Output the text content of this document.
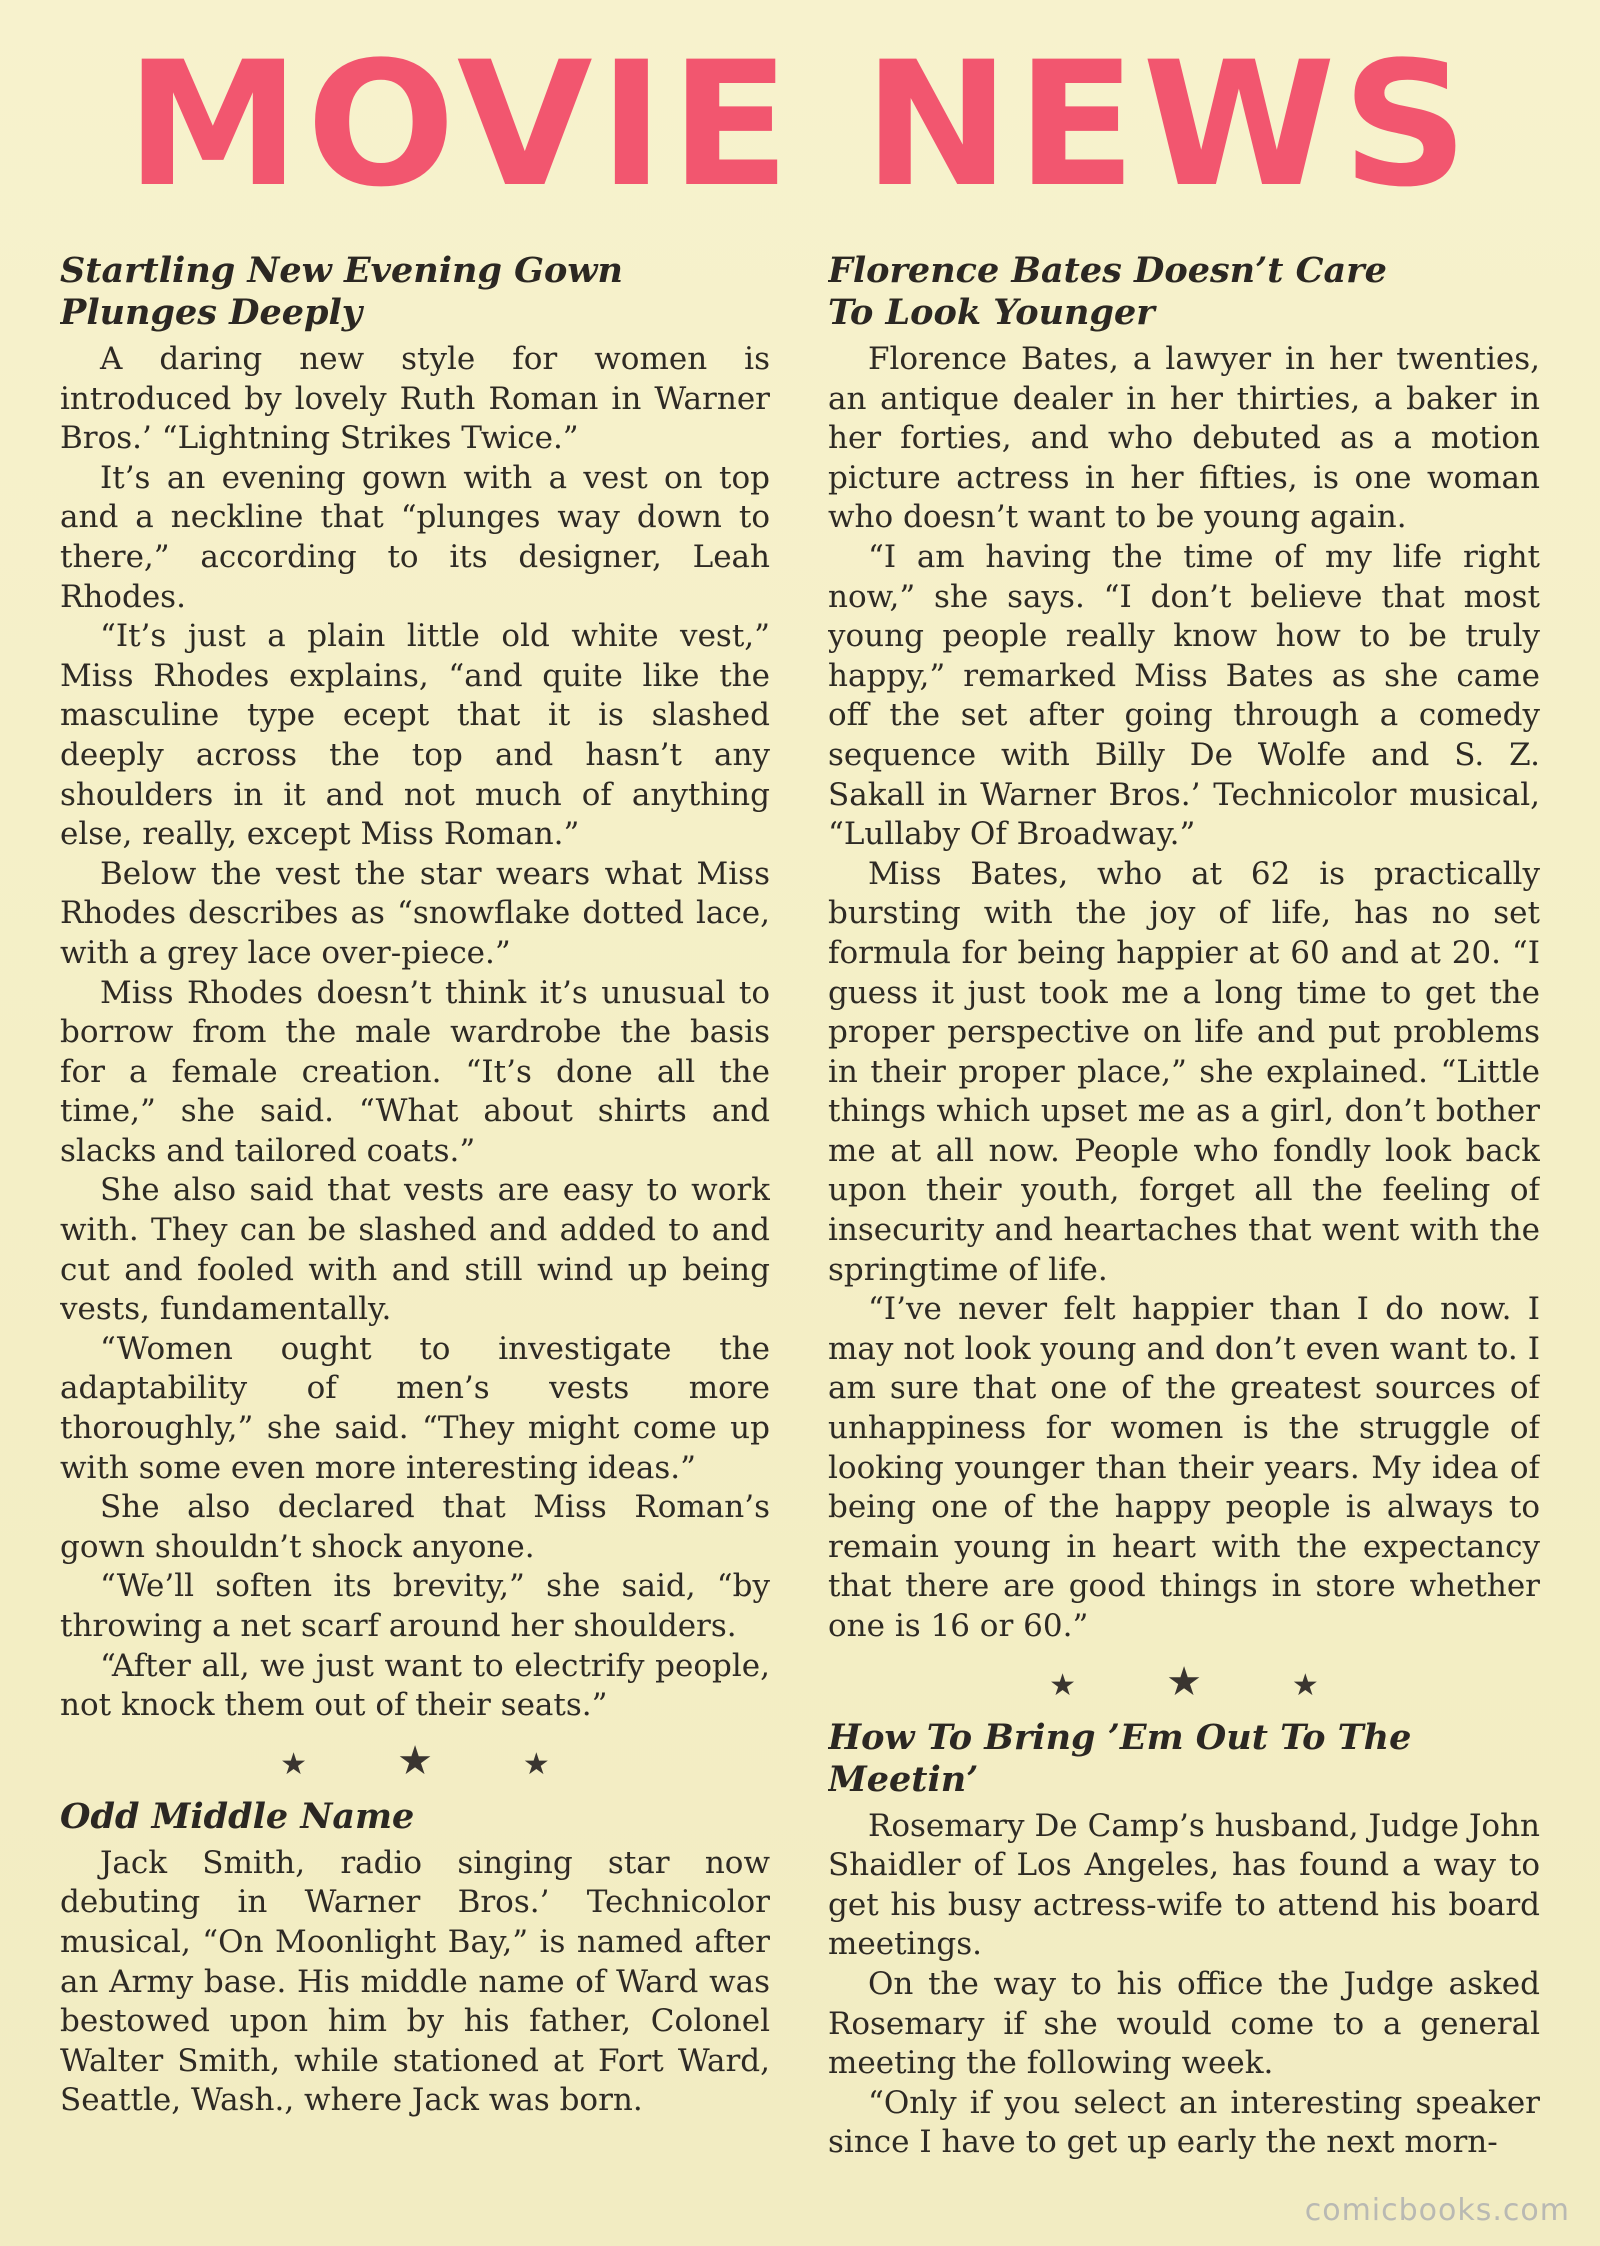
MOVIE NEWS
Startling New Evening Gown
Plunges Deeply

A daring new style for women is introduced by lovely Ruth Roman in Warner Bros.’ “Lightning Strikes Twice.”

It’s an evening gown with a vest on top and a neckline that “plunges way down to there,” according to its designer, Leah Rhodes.

“It’s just a plain little old white vest,” Miss Rhodes explains, “and quite like the masculine type ecept that it is slashed deeply across the top and hasn’t any shoulders in it and not much of anything else, really, except Miss Roman.”

Below the vest the star wears what Miss Rhodes describes as “snowflake dotted lace, with a grey lace over-piece.”

Miss Rhodes doesn’t think it’s unusual to borrow from the male wardrobe the basis for a female creation. “It’s done all the time,” she said. “What about shirts and slacks and tailored coats.”

She also said that vests are easy to work with. They can be slashed and added to and cut and fooled with and still wind up being vests, fundamentally.

“Women ought to investigate the adaptability of men’s vests more thoroughly,” she said. “They might come up with some even more interesting ideas.”

She also declared that Miss Roman’s gown shouldn’t shock anyone.

“We’ll soften its brevity,” she said, “by throwing a net scarf around her shoulders.

“After all, we just want to electrify people, not knock them out of their seats.”

★★★
Odd Middle Name

Jack Smith, radio singing star now debuting in Warner Bros.’ Technicolor musical, “On Moonlight Bay,” is named after an Army base. His middle name of Ward was bestowed upon him by his father, Colonel Walter Smith, while stationed at Fort Ward, Seattle, Wash., where Jack was born.

Florence Bates Doesn’t Care
To Look Younger

Florence Bates, a lawyer in her twenties, an antique dealer in her thirties, a baker in her forties, and who debuted as a motion picture actress in her fifties, is one woman who doesn’t want to be young again.

“I am having the time of my life right now,” she says. “I don’t believe that most young people really know how to be truly happy,” remarked Miss Bates as she came off the set after going through a comedy sequence with Billy De Wolfe and S. Z. Sakall in Warner Bros.’ Technicolor musical, “Lullaby Of Broadway.”

Miss Bates, who at 62 is practically bursting with the joy of life, has no set formula for being happier at 60 and at 20. “I guess it just took me a long time to get the proper perspective on life and put problems in their proper place,” she explained. “Little things which upset me as a girl, don’t bother me at all now. People who fondly look back upon their youth, forget all the feeling of insecurity and heartaches that went with the springtime of life.

“I’ve never felt happier than I do now. I may not look young and don’t even want to. I am sure that one of the greatest sources of unhappiness for women is the struggle of looking younger than their years. My idea of being one of the happy people is always to remain young in heart with the expectancy that there are good things in store whether one is 16 or 60.”

★★★
How To Bring ’Em Out To The Meetin’

Rosemary De Camp’s husband, Judge John Shaidler of Los Angeles, has found a way to get his busy actress-wife to attend his board meetings.

On the way to his office the Judge asked Rosemary if she would come to a general meeting the following week.

“Only if you select an interesting speaker since I have to get up early the next morn-

comicbooks.com
